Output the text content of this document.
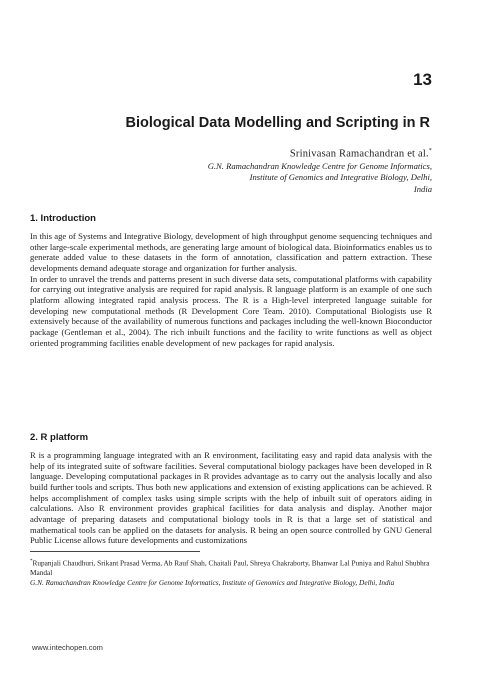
13
Biological Data Modelling and Scripting in R
Srinivasan Ramachandran et al.*
G.N. Ramachandran Knowledge Centre for Genome Informatics,
Institute of Genomics and Integrative Biology, Delhi,
India
1. Introduction

In this age of Systems and Integrative Biology, development of high throughput genome sequencing techniques and other large-scale experimental methods, are generating large amount of biological data. Bioinformatics enables us to generate added value to these datasets in the form of annotation, classification and pattern extraction. These developments demand adequate storage and organization for further analysis.

In order to unravel the trends and patterns present in such diverse data sets, computational platforms with capability for carrying out integrative analysis are required for rapid analysis. R language platform is an example of one such platform allowing integrated rapid analysis process. The R is a High-level interpreted language suitable for developing new computational methods (R Development Core Team. 2010). Computational Biologists use R extensively because of the availability of numerous functions and packages including the well-known Bioconductor package (Gentleman et al., 2004). The rich inbuilt functions and the facility to write functions as well as object oriented programming facilities enable development of new packages for rapid analysis.

2. R platform

R is a programming language integrated with an R environment, facilitating easy and rapid data analysis with the help of its integrated suite of software facilities. Several computational biology packages have been developed in R language. Developing computational packages in R provides advantage as to carry out the analysis locally and also build further tools and scripts. Thus both new applications and extension of existing applications can be achieved. R helps accomplishment of complex tasks using simple scripts with the help of inbuilt suit of operators aiding in calculations. Also R environment provides graphical facilities for data analysis and display. Another major advantage of preparing datasets and computational biology tools in R is that a large set of statistical and mathematical tools can be applied on the datasets for analysis. R being an open source controlled by GNU General Public License allows future developments and customizations

*Rupanjali Chaudhuri, Srikant Prasad Verma, Ab Rauf Shah, Chaitali Paul, Shreya Chakraborty, Bhanwar Lal Puniya and Rahul Shubhra Mandal
G.N. Ramachandran Knowledge Centre for Genome Informatics, Institute of Genomics and Integrative Biology, Delhi, India
www.intechopen.com
